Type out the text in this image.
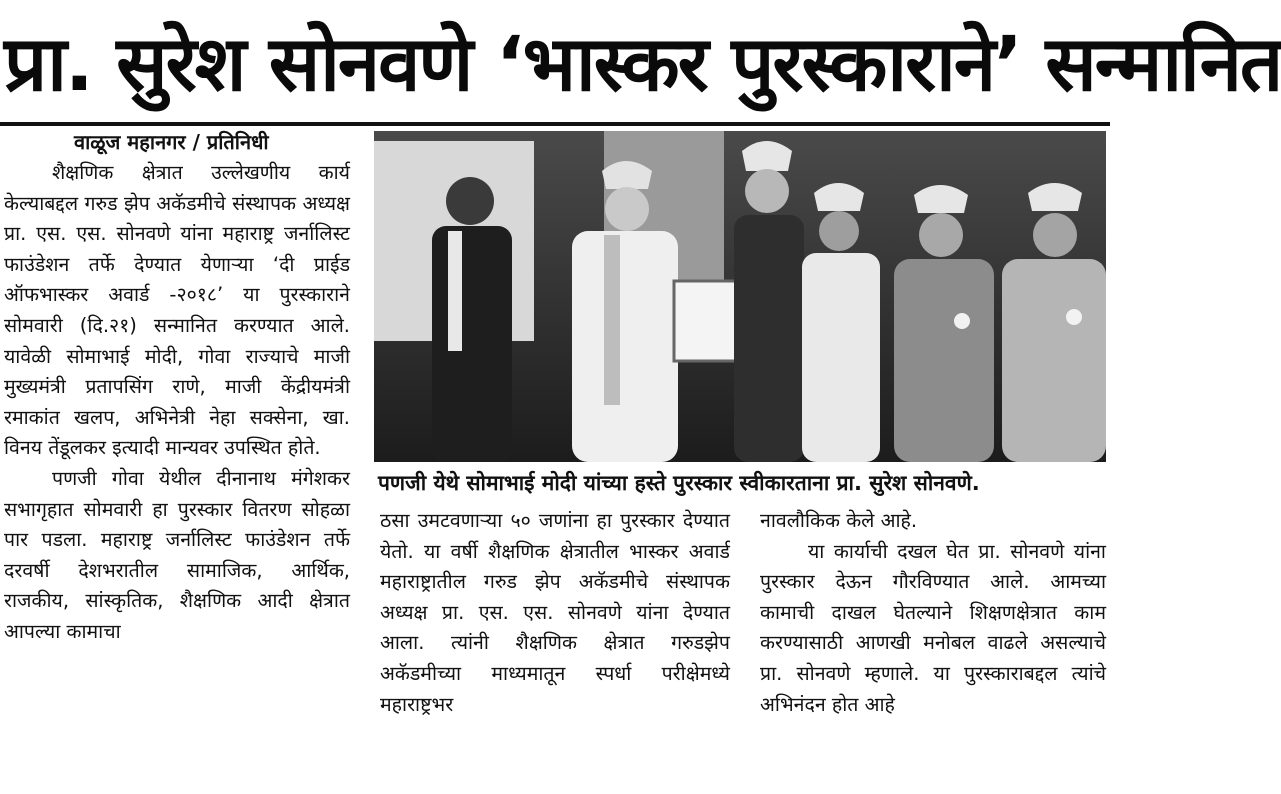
प्रा. सुरेश सोनवणे ‘भास्कर पुरस्काराने’ सन्मानित
वाळूज महानगर / प्रतिनिधी

शैक्षणिक क्षेत्रात उल्लेखणीय कार्य केल्याबद्दल गरुड झेप अकॅडमीचे संस्थापक अध्यक्ष प्रा. एस. एस. सोनवणे यांना महाराष्ट्र जर्नालिस्ट फाउंडेशन तर्फे देण्यात येणाऱ्या ‘दी प्राईड ऑफभास्कर अवार्ड -२०१८’ या पुरस्काराने सोमवारी (दि.२१) सन्मानित करण्यात आले. यावेळी सोमाभाई मोदी, गोवा राज्याचे माजी मुख्यमंत्री प्रतापसिंग राणे, माजी केंद्रीयमंत्री रमाकांत खलप, अभिनेत्री नेहा सक्सेना, खा. विनय तेंडूलकर इत्यादी मान्यवर उपस्थित होते.

पणजी गोवा येथील दीनानाथ मंगेशकर सभागृहात सोमवारी हा पुरस्कार वितरण सोहळा पार पडला. महाराष्ट्र जर्नालिस्ट फाउंडेशन तर्फे दरवर्षी देशभरातील सामाजिक, आर्थिक, राजकीय, सांस्कृतिक, शैक्षणिक आदी क्षेत्रात आपल्या कामाचा

पणजी येथे सोमाभाई मोदी यांच्या हस्ते पुरस्कार स्वीकारताना प्रा. सुरेश सोनवणे.

ठसा उमटवणाऱ्या ५० जणांना हा पुरस्कार देण्यात येतो. या वर्षी शैक्षणिक क्षेत्रातील भास्कर अवार्ड महाराष्ट्रातील गरुड झेप अकॅडमीचे संस्थापक अध्यक्ष प्रा. एस. एस. सोनवणे यांना देण्यात आला. त्यांनी शैक्षणिक क्षेत्रात गरुडझेप अकॅडमीच्या माध्यमातून स्पर्धा परीक्षेमध्ये महाराष्ट्रभर

नावलौकिक केले आहे.

या कार्याची दखल घेत प्रा. सोनवणे यांना पुरस्कार देऊन गौरविण्यात आले. आमच्या कामाची दाखल घेतल्याने शिक्षणक्षेत्रात काम करण्यासाठी आणखी मनोबल वाढले असल्याचे प्रा. सोनवणे म्हणाले. या पुरस्काराबद्दल त्यांचे अभिनंदन होत आहे
